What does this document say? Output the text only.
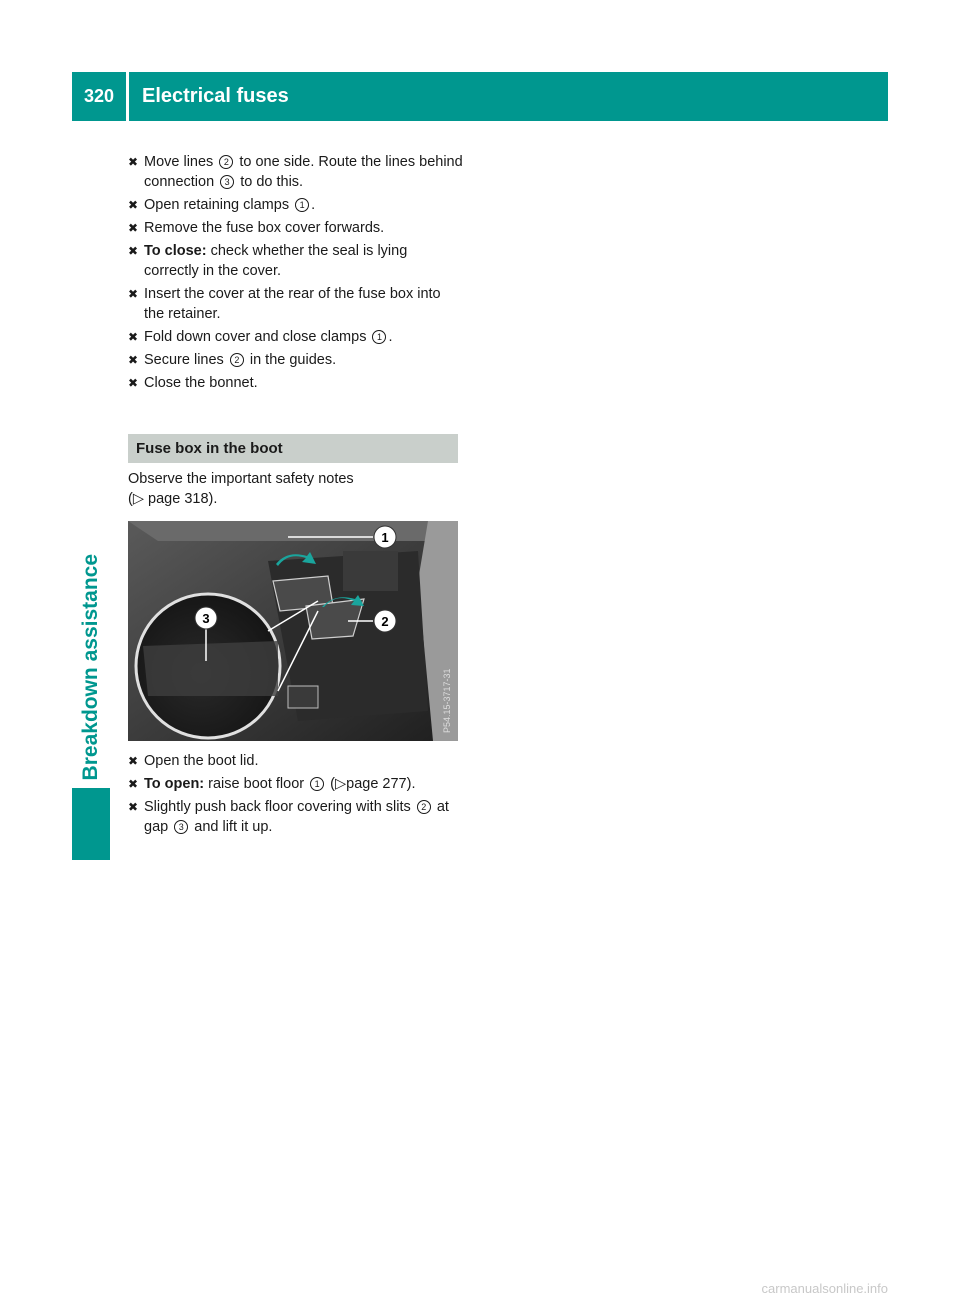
320	Electrical fuses
Breakdown assistance
✖ Move lines 2 to one side. Route the lines behind connection 3 to do this.
✖ Open retaining clamps 1 .
✖ Remove the fuse box cover forwards.
✖ To close: check whether the seal is lying correctly in the cover.
✖ Insert the cover at the rear of the fuse box into the retainer.
✖ Fold down cover and close clamps 1 .
✖ Secure lines 2 in the guides.
✖ Close the bonnet.
Fuse box in the boot
Observe the important safety notes
(▷ page 318).
1
2
3
P54.15-3717-31
✖ Open the boot lid.
✖ To open: raise boot floor 1 (▷page 277).
✖ Slightly push back floor covering with slits 2 at gap 3 and lift it up.
carmanualsonline.info
